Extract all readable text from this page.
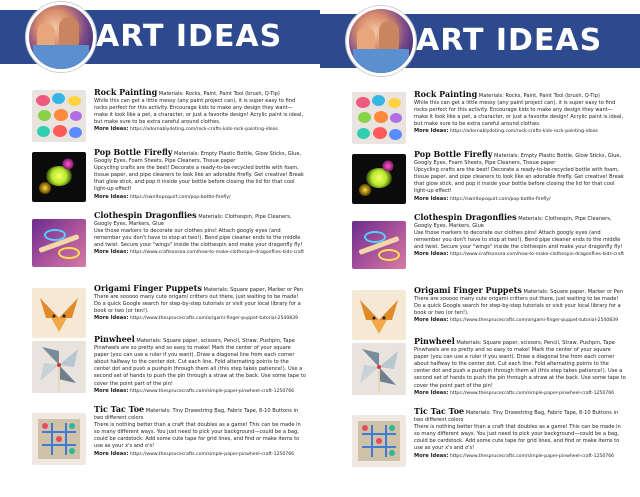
ART IDEAS
Rock Painting Materials: Rocks, Paint, Paint Tool (brush, Q-Tip)
While this can get a little messy (any paint project can), it is super easy to find rocks perfect for this activity. Encourage kids to make any design they want—make it look like a pet, a character, or just a favorite design! Acrylic paint is ideal, but make sure to be extra careful around clothes.
More Ideas: https://adornablydoting.com/rock-crafts-kids-rock-painting-ideas
Pop Bottle Firefly Materials: Empty Plastic Bottle, Glow Sticks, Glue, Googly Eyes, Foam Sheets, Pipe Cleaners, Tissue paper
Upcycling crafts are the best! Decorate a ready-to-be-recycled bottle with foam, tissue paper, and pipe cleaners to look like an adorable firefly. Get creative! Break that glow stick, and pop it inside your bottle before closing the lid for that cool light-up effect!
More Ideas: https://swirltopsquirt.com/pop-bottle-firefly/
Clothespin Dragonflies Materials: Clothespin, Pipe Cleaners, Googly Eyes, Markers, Glue
Use those markers to decorate our clothes pins! Attach googly eyes (and remember you don't have to stop at two!). Bend pipe cleaner ends to the middle and twist. Secure your "wings" inside the clothespin and make your dragonfly fly!
More Ideas: https://www.craftsonsea.com/how-to-make-clothespin-dragonflies-kids-craft
Origami Finger Puppets Materials: Square paper, Marker or Pen
There are sooooo many cute origami critters out there, just waiting to be made! Do a quick Google search for step-by-step tutorials or visit your local library for a book or two (or ten!).
More Ideas: https://www.thesprucecrafts.com/origami-finger-puppet-tutorial-2540839
Pinwheel Materials: Square paper, scissors, Pencil, Straw, Pushpin, Tape
Pinwheels are so pretty and so easy to make! Mark the center of your square paper (you can use a ruler if you want). Draw a diagonal line from each corner about halfway to the center dot. Cut each line. Fold alternating points to the center dot and push a pushpin through them all (this step takes patience!). Use a second set of hands to push the pin through a straw at the back. Use some tape to cover the point part of the pin!
More Ideas: https://www.thesprucecrafts.com/simple-paper-pinwheel-craft-1250766
Tic Tac Toe Materials: Tiny Drawstring Bag, Fabric Tape, 8-10 Buttons in two different colors
There is nothing better than a craft that doubles as a game! This can be made in so many different ways. You just need to pick your background—could be a bag, could be cardstock. Add some cute tape for grid lines, and find or make items to use as your x's and o's!
More Ideas: https://www.thesprucecrafts.com/simple-paper-pinwheel-craft-1250766
ART IDEAS
Rock Painting Materials: Rocks, Paint, Paint Tool (brush, Q-Tip)
While this can get a little messy (any paint project can), it is super easy to find rocks perfect for this activity. Encourage kids to make any design they want—make it look like a pet, a character, or just a favorite design! Acrylic paint is ideal, but make sure to be extra careful around clothes.
More Ideas: https://adornablydoting.com/rock-crafts-kids-rock-painting-ideas
Pop Bottle Firefly Materials: Empty Plastic Bottle, Glow Sticks, Glue, Googly Eyes, Foam Sheets, Pipe Cleaners, Tissue paper
Upcycling crafts are the best! Decorate a ready-to-be-recycled bottle with foam, tissue paper, and pipe cleaners to look like an adorable firefly. Get creative! Break that glow stick, and pop it inside your bottle before closing the lid for that cool light-up effect!
More Ideas: https://swirltopsquirt.com/pop-bottle-firefly/
Clothespin Dragonflies Materials: Clothespin, Pipe Cleaners, Googly Eyes, Markers, Glue
Use those markers to decorate our clothes pins! Attach googly eyes (and remember you don't have to stop at two!). Bend pipe cleaner ends to the middle and twist. Secure your "wings" inside the clothespin and make your dragonfly fly!
More Ideas: https://www.craftsonsea.com/how-to-make-clothespin-dragonflies-kids-craft
Origami Finger Puppets Materials: Square paper, Marker or Pen
There are sooooo many cute origami critters out there, just waiting to be made! Do a quick Google search for step-by-step tutorials or visit your local library for a book or two (or ten!).
More Ideas: https://www.thesprucecrafts.com/origami-finger-puppet-tutorial-2540839
Pinwheel Materials: Square paper, scissors, Pencil, Straw, Pushpin, Tape
Pinwheels are so pretty and so easy to make! Mark the center of your square paper (you can use a ruler if you want). Draw a diagonal line from each corner about halfway to the center dot. Cut each line. Fold alternating points to the center dot and push a pushpin through them all (this step takes patience!). Use a second set of hands to push the pin through a straw at the back. Use some tape to cover the point part of the pin!
More Ideas: https://www.thesprucecrafts.com/simple-paper-pinwheel-craft-1250766
Tic Tac Toe Materials: Tiny Drawstring Bag, Fabric Tape, 8-10 Buttons in two different colors
There is nothing better than a craft that doubles as a game! This can be made in so many different ways. You just need to pick your background—could be a bag, could be cardstock. Add some cute tape for grid lines, and find or make items to use as your x's and o's!
More Ideas: https://www.thesprucecrafts.com/simple-paper-pinwheel-craft-1250766
